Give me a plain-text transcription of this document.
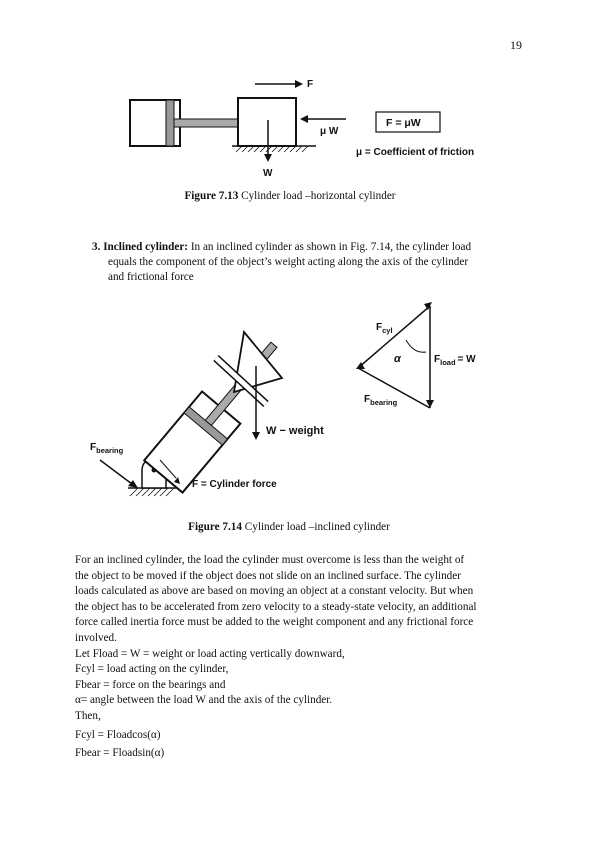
19
F
μ W
W
F = μW
μ = Coefficient of friction
Figure 7.13 Cylinder load –horizontal cylinder
3. Inclined cylinder: In an inclined cylinder as shown in Fig. 7.14, the cylinder load
equals the component of the object’s weight acting along the axis of the cylinder
and frictional force
W − weight
$F_{bearing}$
F = Cylinder force
$F_{cyl}$
α	$F_{load} = W$
$F_{bearing}$
Figure 7.14 Cylinder load –inclined cylinder

For an inclined cylinder, the load the cylinder must overcome is less than the weight of

the object to be moved if the object does not slide on an inclined surface. The cylinder

loads calculated as above are based on moving an object at a constant velocity. But when

the object has to be accelerated from zero velocity to a steady-state velocity, an additional

force called inertia force must be added to the weight component and any frictional force

involved.

Let Fload = W = weight or load acting vertically downward,

Fcyl = load acting on the cylinder,

Fbear = force on the bearings and

α= angle between the load W and the axis of the cylinder.

Then,

Fcyl = Floadcos(α)
Fbear = Floadsin(α)
